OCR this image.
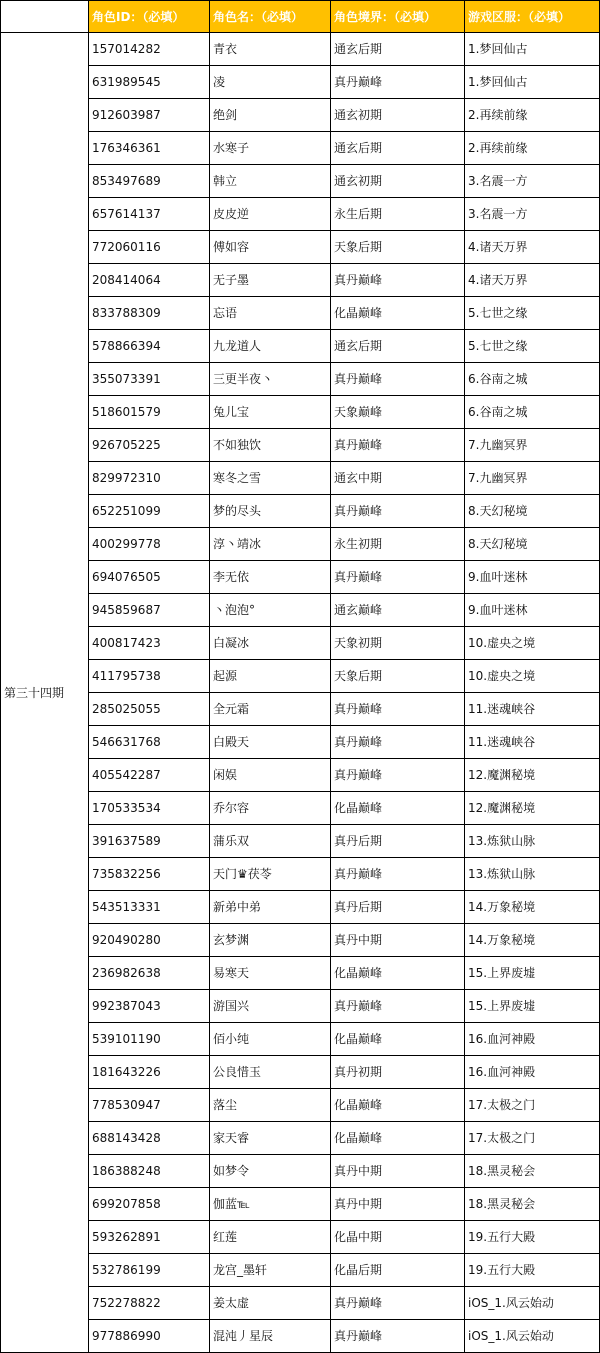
	角色ID：（必填）	角色名：（必填）	角色境界：（必填）	游戏区服：（必填）
第三十四期	157014282	青衣	通玄后期	1.梦回仙古
	631989545	凌	真丹巅峰	1.梦回仙古
	912603987	绝剑	通玄初期	2.再续前缘
	176346361	水寒子	通玄后期	2.再续前缘
	853497689	韩立	通玄初期	3.名震一方
	657614137	皮皮逆	永生后期	3.名震一方
	772060116	傅如容	天象后期	4.诸天万界
	208414064	无子墨	真丹巅峰	4.诸天万界
	833788309	忘语	化晶巅峰	5.七世之缘
	578866394	九龙道人	通玄后期	5.七世之缘
	355073391	三更半夜丶	真丹巅峰	6.谷南之城
	518601579	兔儿宝	天象巅峰	6.谷南之城
	926705225	不如独饮	真丹巅峰	7.九幽冥界
	829972310	寒冬之雪	通玄中期	7.九幽冥界
	652251099	梦的尽头	真丹巅峰	8.天幻秘境
	400299778	淳丶靖冰	永生初期	8.天幻秘境
	694076505	李无依	真丹巅峰	9.血叶迷林
	945859687	丶泡泡°	通玄巅峰	9.血叶迷林
	400817423	白凝冰	天象初期	10.虚央之境
	411795738	起源	天象后期	10.虚央之境
	285025055	全元霜	真丹巅峰	11.迷魂峡谷
	546631768	白殿天	真丹巅峰	11.迷魂峡谷
	405542287	闲娱	真丹巅峰	12.魔渊秘境
	170533534	乔尔容	化晶巅峰	12.魔渊秘境
	391637589	蒲乐双	真丹后期	13.炼狱山脉
	735832256	天门♛茯苓	真丹巅峰	13.炼狱山脉
	543513331	新弟中弟	真丹后期	14.万象秘境
	920490280	玄梦渊	真丹中期	14.万象秘境
	236982638	易寒天	化晶巅峰	15.上界废墟
	992387043	游国兴	真丹巅峰	15.上界废墟
	539101190	佰小纯	化晶巅峰	16.血河神殿
	181643226	公良惜玉	真丹初期	16.血河神殿
	778530947	落尘	化晶巅峰	17.太极之门
	688143428	家天睿	化晶巅峰	17.太极之门
	186388248	如梦令	真丹中期	18.黑灵秘会
	699207858	伽蓝℡	真丹中期	18.黑灵秘会
	593262891	红莲	化晶中期	19.五行大殿
	532786199	龙宫_墨轩	化晶后期	19.五行大殿
	752278822	姜太虚	真丹巅峰	iOS_1.风云始动
	977886990	混沌丿星辰	真丹巅峰	iOS_1.风云始动
